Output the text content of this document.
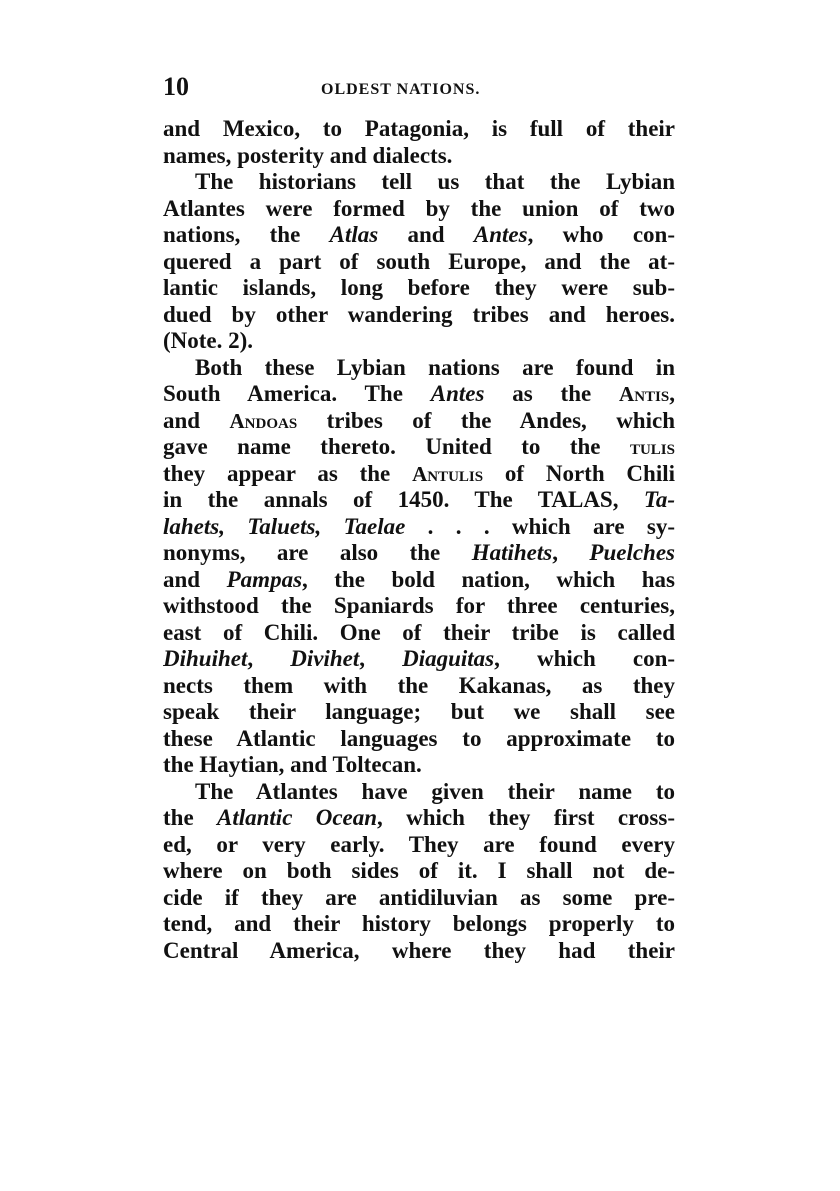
10	OLDEST NATIONS.
and Mexico, to Patagonia, is full of their
names, posterity and dialects.
The historians tell us that the Lybian
Atlantes were formed by the union of two
nations, the Atlas and Antes, who con-
quered a part of south Europe, and the at-
lantic islands, long before they were sub-
dued by other wandering tribes and heroes.
(Note. 2).
Both these Lybian nations are found in
South America. The Antes as the Antis,
and Andoas tribes of the Andes, which
gave name thereto. United to the tulis
they appear as the Antulis of North Chili
in the annals of 1450. The TALAS, Ta-
lahets, Taluets, Taelae . . . which are sy-
nonyms, are also the Hatihets, Puelches
and Pampas, the bold nation, which has
withstood the Spaniards for three centuries,
east of Chili. One of their tribe is called
Dihuihet, Divihet, Diaguitas, which con-
nects them with the Kakanas, as they
speak their language; but we shall see
these Atlantic languages to approximate to
the Haytian, and Toltecan.
The Atlantes have given their name to
the Atlantic Ocean, which they first cross-
ed, or very early. They are found every
where on both sides of it. I shall not de-
cide if they are antidiluvian as some pre-
tend, and their history belongs properly to
Central America, where they had their
